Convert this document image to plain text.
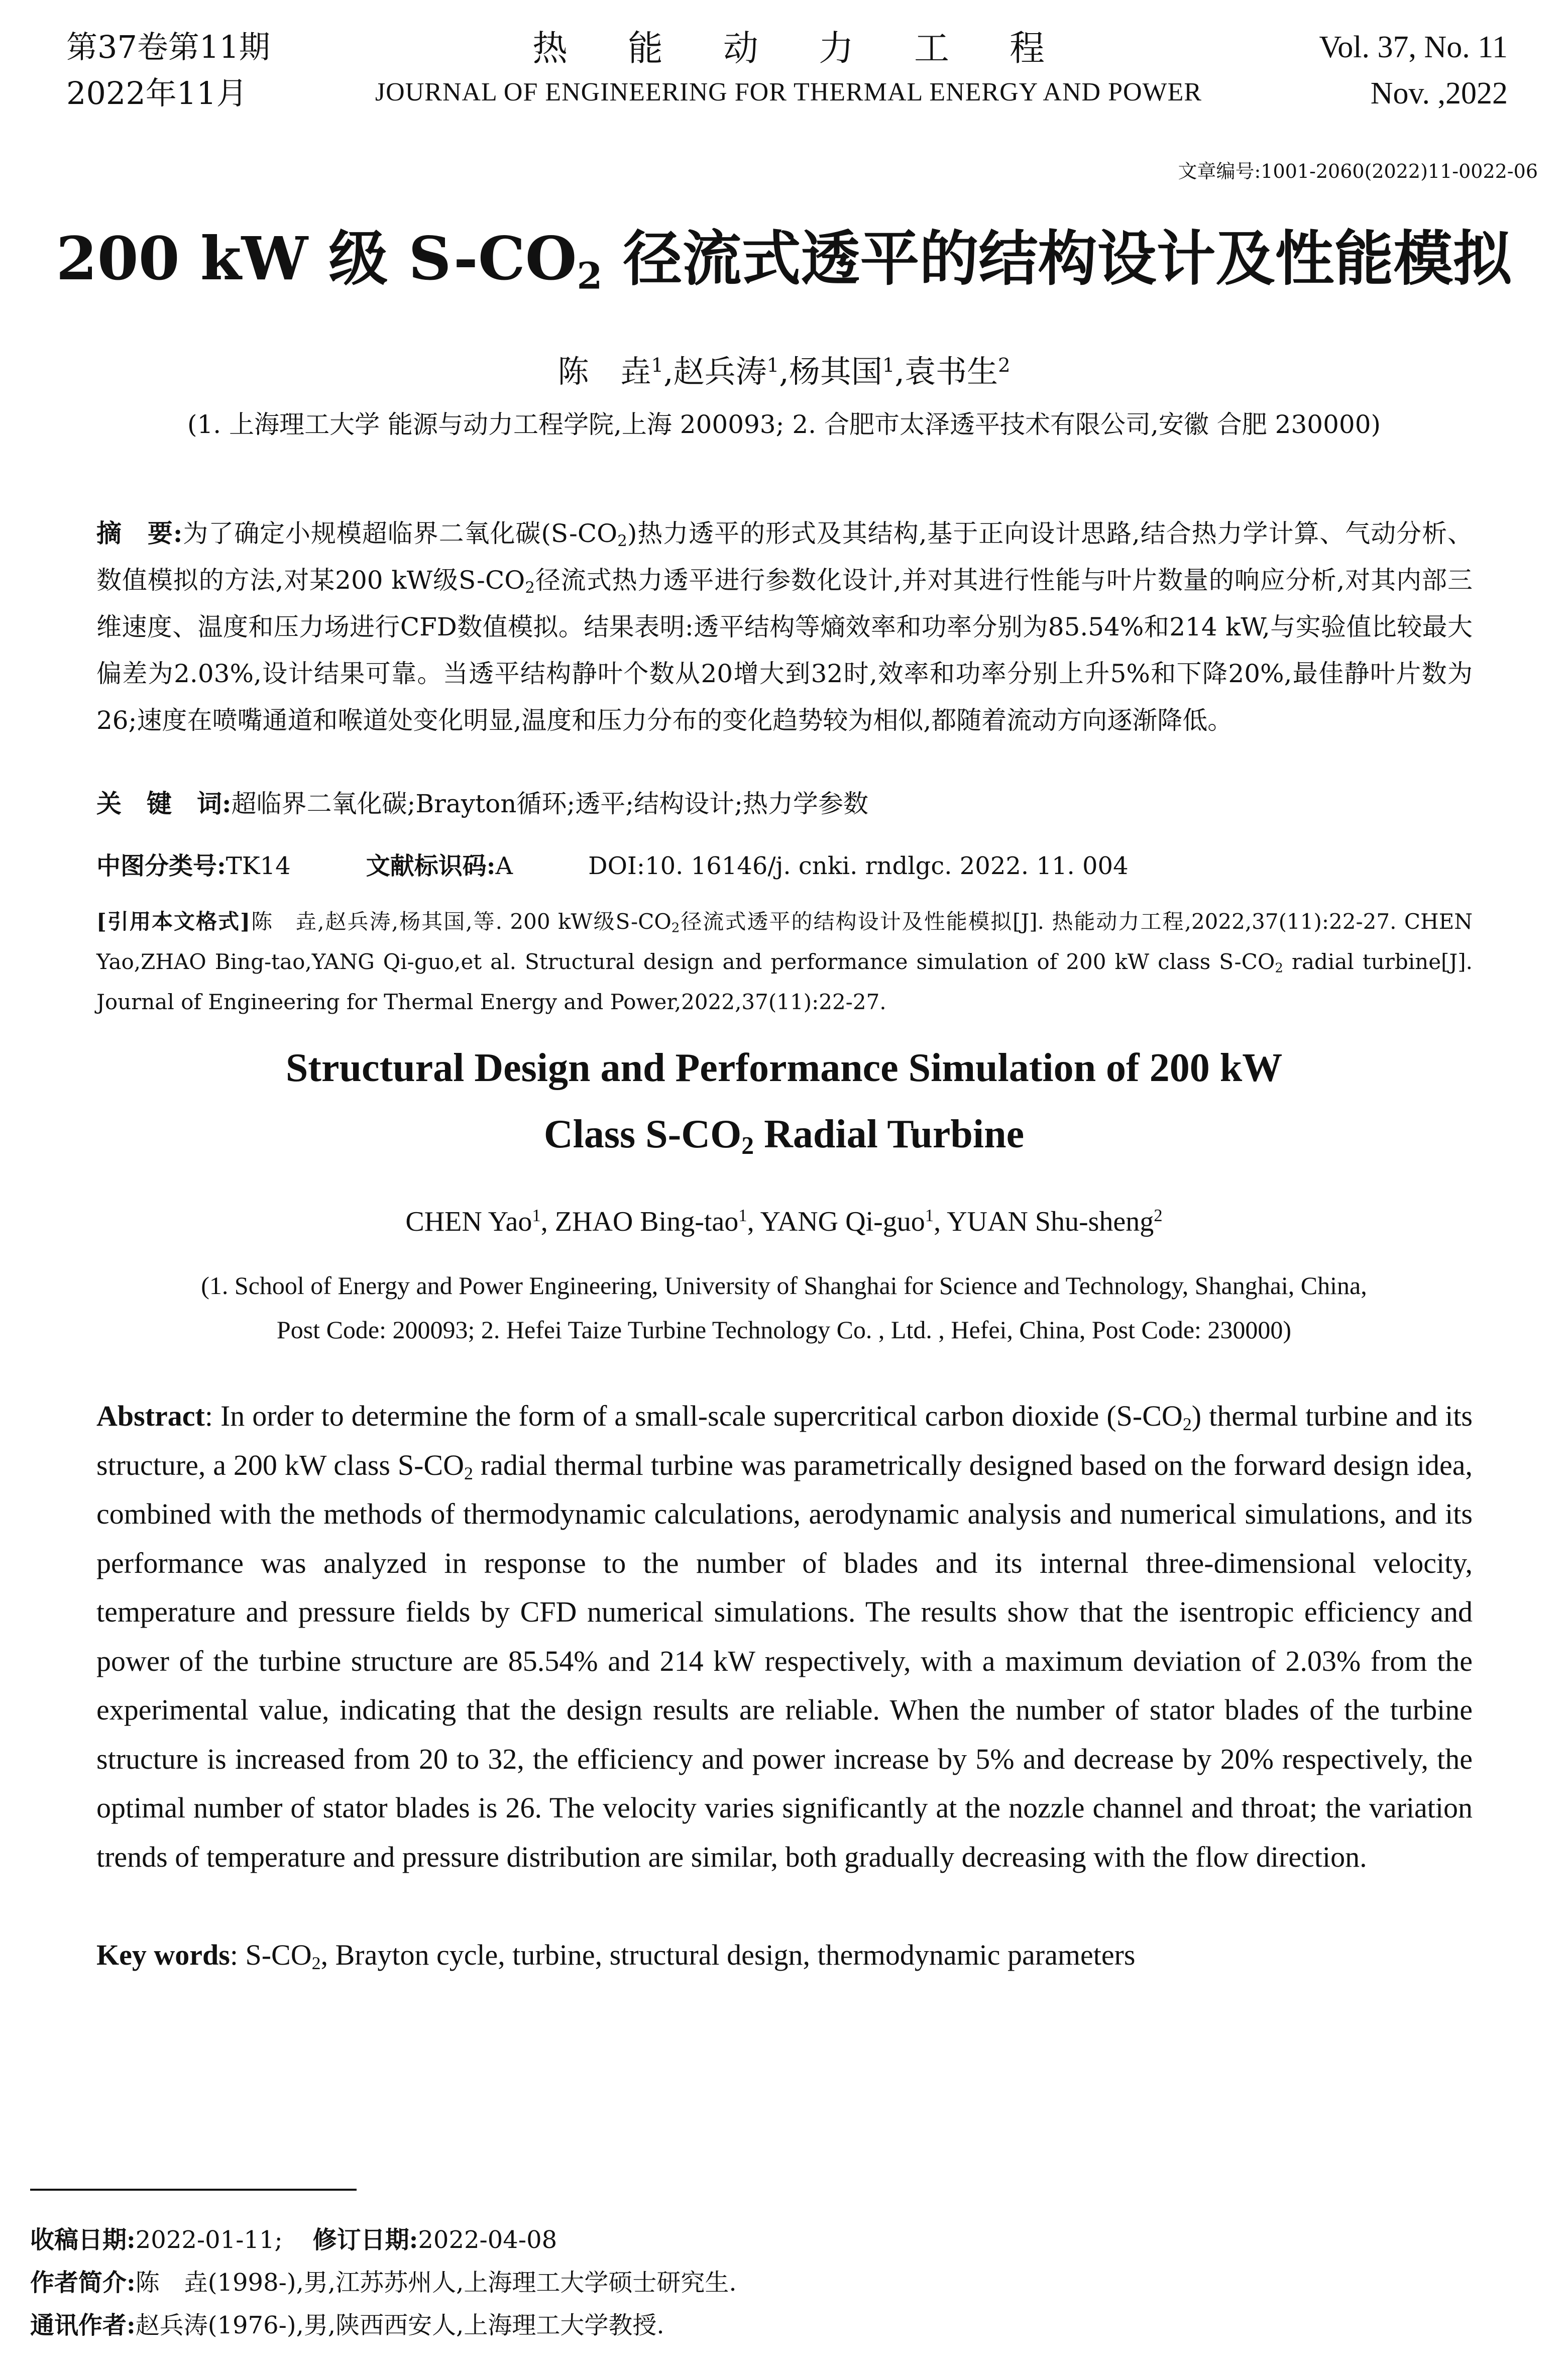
第37卷第11期
2022年11月
热能动力工程
JOURNAL OF ENGINEERING FOR THERMAL ENERGY AND POWER
Vol. 37, No. 11
Nov. ,2022
文章编号:1001-2060(2022)11-0022-06
200 kW 级 $S-CO_2$ 径流式透平的结构设计及性能模拟
陈　垚$^1$,赵兵涛$^1$,杨其国$^1$,袁书生$^2$
(1. 上海理工大学 能源与动力工程学院,上海 200093; 2. 合肥市太泽透平技术有限公司,安徽 合肥 230000)
摘　要:为了确定小规模超临界二氧化碳$(S-CO_2)$热力透平的形式及其结构,基于正向设计思路,结合热力学计算、气动分析、数值模拟的方法,对某200 kW级$S-CO_2$径流式热力透平进行参数化设计,并对其进行性能与叶片数量的响应分析,对其内部三维速度、温度和压力场进行CFD数值模拟。结果表明:透平结构等熵效率和功率分别为85.54%和214 kW,与实验值比较最大偏差为2.03%,设计结果可靠。当透平结构静叶个数从20增大到32时,效率和功率分别上升5%和下降20%,最佳静叶片数为26;速度在喷嘴通道和喉道处变化明显,温度和压力分布的变化趋势较为相似,都随着流动方向逐渐降低。
关　键　词:超临界二氧化碳;Brayton循环;透平;结构设计;热力学参数
中图分类号:TK14	文献标识码:A	DOI:10. 16146/j. cnki. rndlgc. 2022. 11. 004
[引用本文格式]陈　垚,赵兵涛,杨其国,等. 200 kW级$S-CO_2$径流式透平的结构设计及性能模拟[J]. 热能动力工程,2022,37(11):22-27. CHEN Yao,ZHAO Bing-tao,YANG Qi-guo,et al. Structural design and performance simulation of 200 kW class $S-CO_2$ radial turbine[J]. Journal of Engineering for Thermal Energy and Power,2022,37(11):22-27.
Structural Design and Performance Simulation of 200 kW
Class $S-CO_2$ Radial Turbine
CHEN Yao$^1$, ZHAO Bing-tao$^1$, YANG Qi-guo$^1$, YUAN Shu-sheng$^2$
(1. School of Energy and Power Engineering, University of Shanghai for Science and Technology, Shanghai, China,
Post Code: 200093; 2. Hefei Taize Turbine Technology Co. , Ltd. , Hefei, China, Post Code: 230000)
Abstract: In order to determine the form of a small-scale supercritical carbon dioxide $(S-CO_2)$ thermal turbine and its structure, a 200 kW class $S-CO_2$ radial thermal turbine was parametrically designed based on the forward design idea, combined with the methods of thermodynamic calculations, aerodynamic analysis and numerical simulations, and its performance was analyzed in response to the number of blades and its internal three-dimensional velocity, temperature and pressure fields by CFD numerical simulations. The results show that the isentropic efficiency and power of the turbine structure are 85.54% and 214 kW respectively, with a maximum deviation of 2.03% from the experimental value, indicating that the design results are reliable. When the number of stator blades of the turbine structure is increased from 20 to 32, the efficiency and power increase by 5% and decrease by 20% respectively, the optimal number of stator blades is 26. The velocity varies significantly at the nozzle channel and throat; the variation trends of temperature and pressure distribution are similar, both gradually decreasing with the flow direction.
Key words: $S-CO_2$, Brayton cycle, turbine, structural design, thermodynamic parameters
收稿日期:2022-01-11; 修订日期:2022-04-08
作者简介:陈　垚(1998-),男,江苏苏州人,上海理工大学硕士研究生.
通讯作者:赵兵涛(1976-),男,陕西西安人,上海理工大学教授.
